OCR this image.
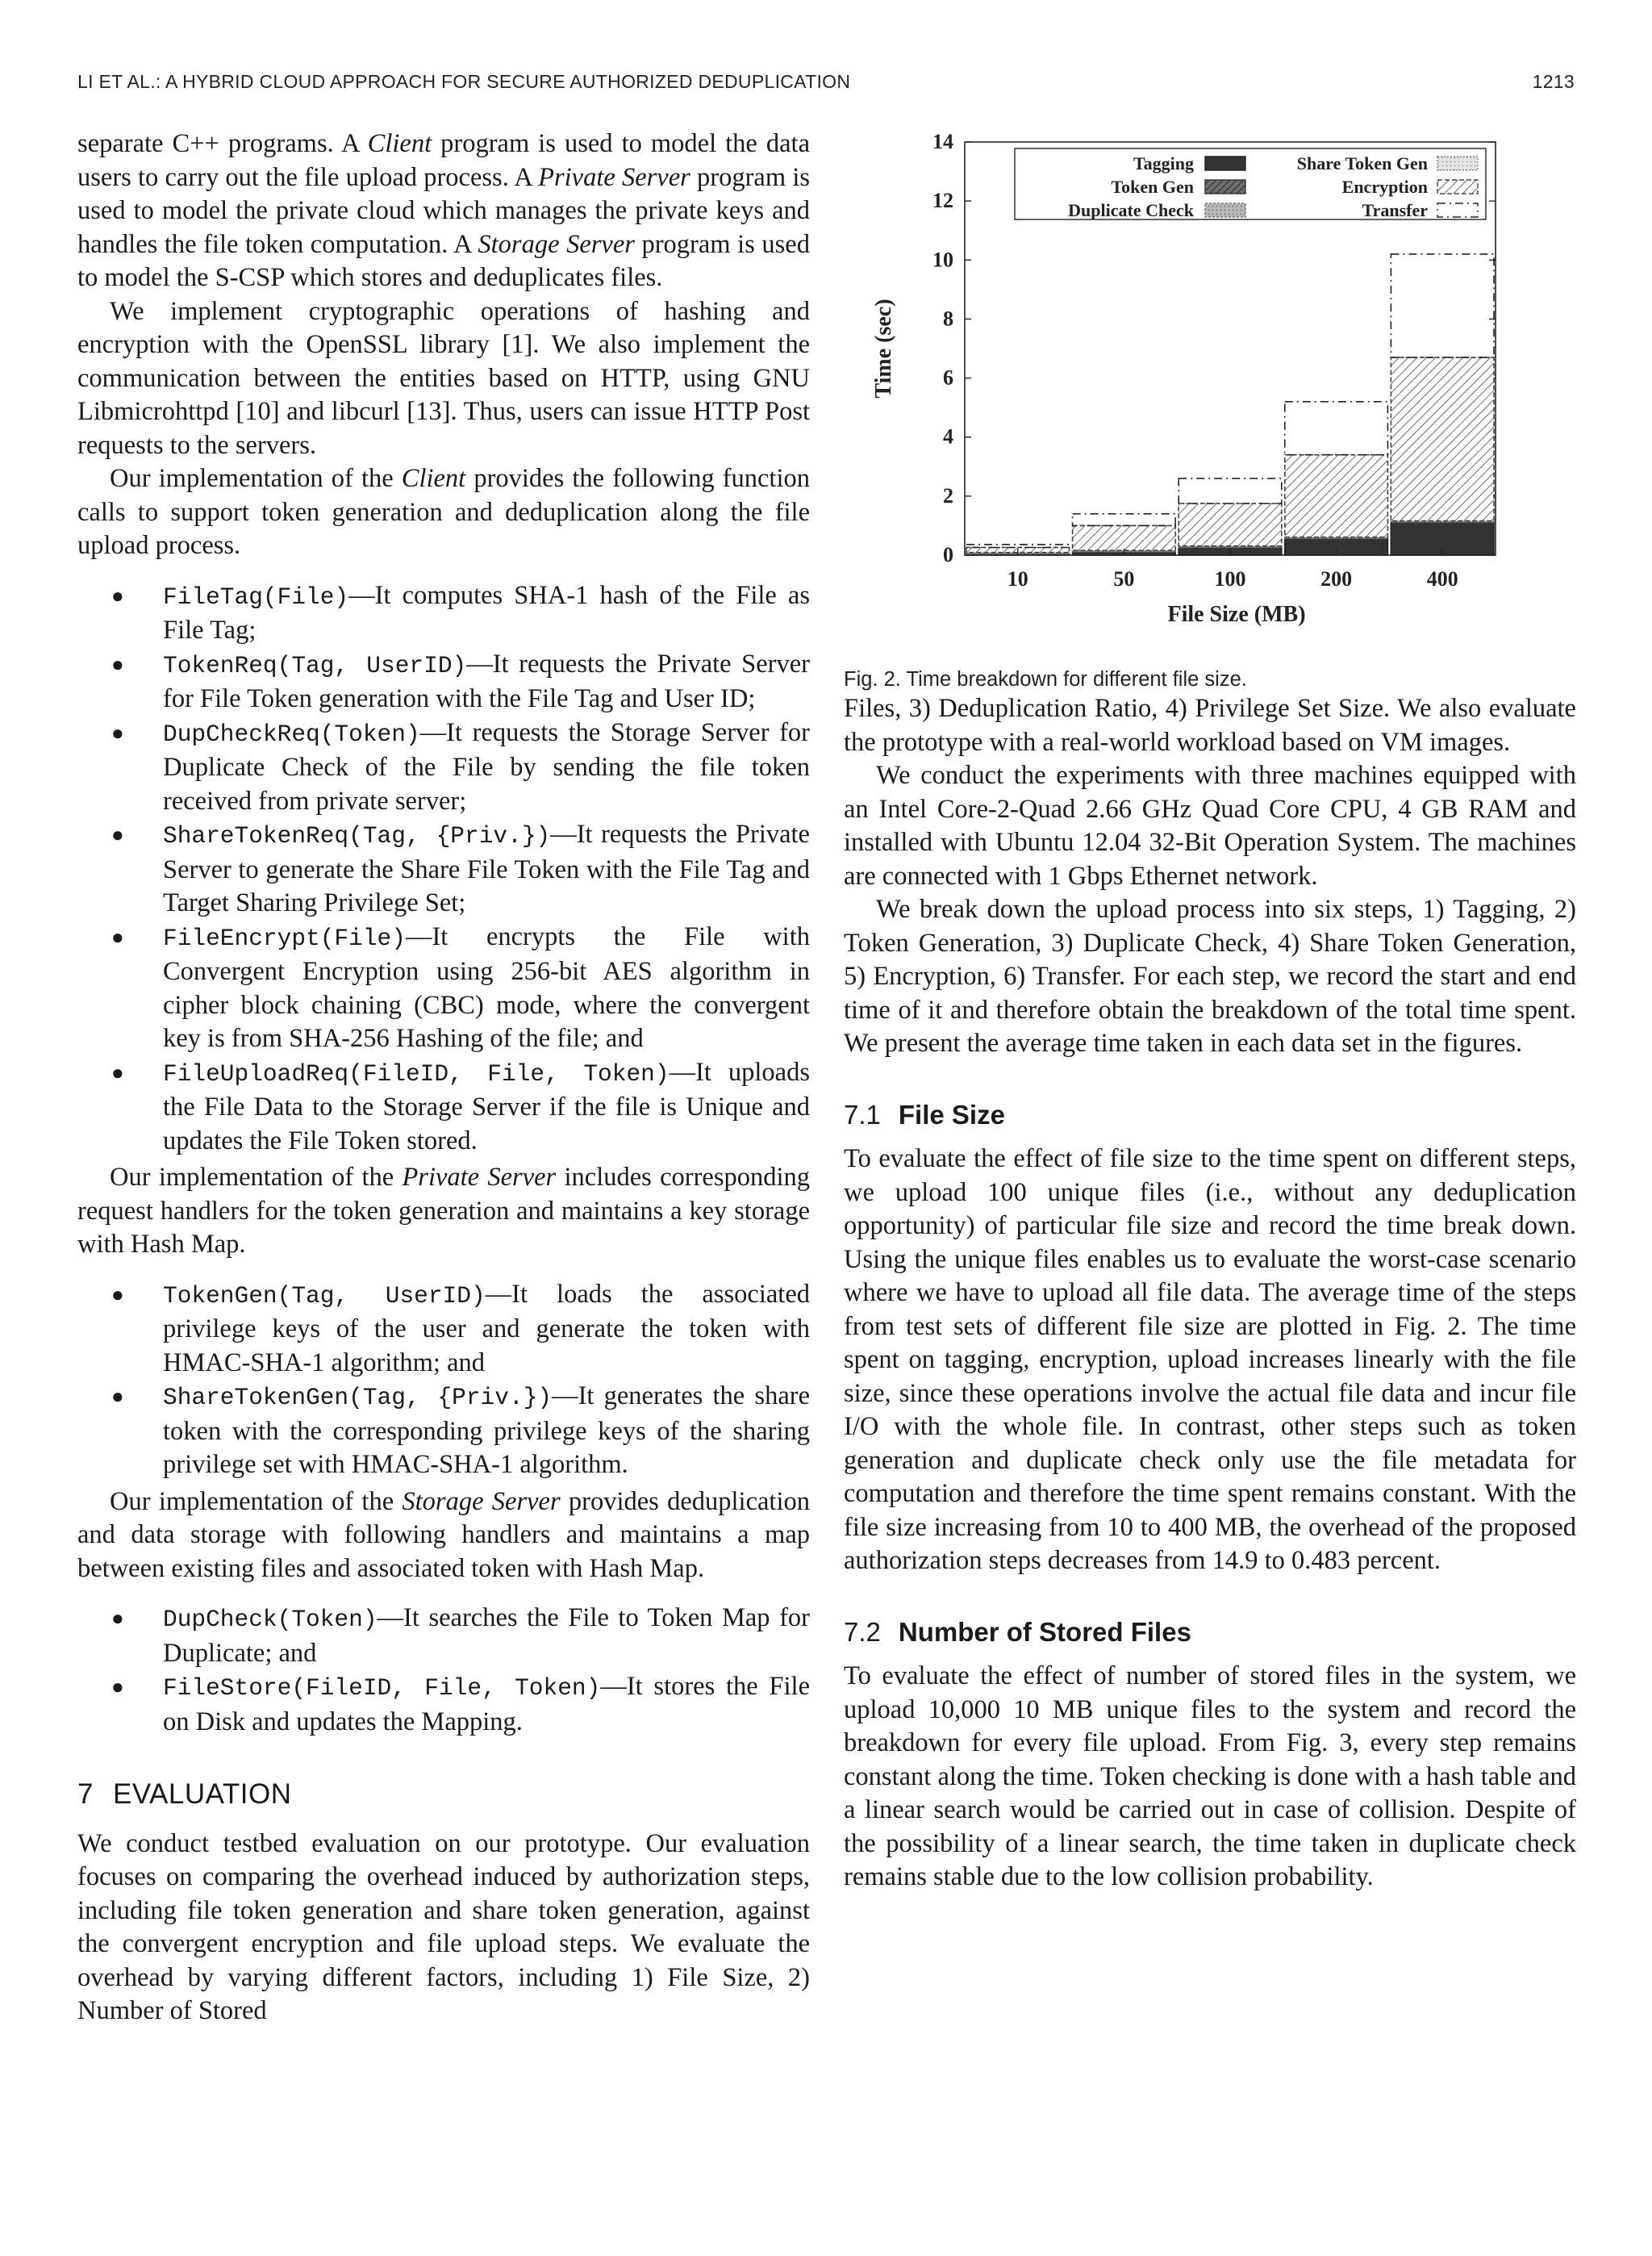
LI ET AL.: A HYBRID CLOUD APPROACH FOR SECURE AUTHORIZED DEDUPLICATION	1213

separate C++ programs. A Client program is used to model the data users to carry out the file upload process. A Private Server program is used to model the private cloud which manages the private keys and handles the file token computation. A Storage Server program is used to model the S-CSP which stores and deduplicates files.

We implement cryptographic operations of hashing and encryption with the OpenSSL library [1]. We also implement the communication between the entities based on HTTP, using GNU Libmicrohttpd [10] and libcurl [13]. Thus, users can issue HTTP Post requests to the servers.

Our implementation of the Client provides the following function calls to support token generation and deduplication along the file upload process.

● FileTag(File)—It computes SHA-1 hash of the File as File Tag;
● TokenReq(Tag, UserID)—It requests the Private Server for File Token generation with the File Tag and User ID;
● DupCheckReq(Token)—It requests the Storage Server for Duplicate Check of the File by sending the file token received from private server;
● ShareTokenReq(Tag, {Priv.})—It requests the Private Server to generate the Share File Token with the File Tag and Target Sharing Privilege Set;
● FileEncrypt(File)—It encrypts the File with Convergent Encryption using 256-bit AES algorithm in cipher block chaining (CBC) mode, where the convergent key is from SHA-256 Hashing of the file; and
● FileUploadReq(FileID, File, Token)—It uploads the File Data to the Storage Server if the file is Unique and updates the File Token stored.

Our implementation of the Private Server includes corresponding request handlers for the token generation and maintains a key storage with Hash Map.

● TokenGen(Tag, UserID)—It loads the associated privilege keys of the user and generate the token with HMAC-SHA-1 algorithm; and
● ShareTokenGen(Tag, {Priv.})—It generates the share token with the corresponding privilege keys of the sharing privilege set with HMAC-SHA-1 algorithm.

Our implementation of the Storage Server provides deduplication and data storage with following handlers and maintains a map between existing files and associated token with Hash Map.

● DupCheck(Token)—It searches the File to Token Map for Duplicate; and
● FileStore(FileID, File, Token)—It stores the File on Disk and updates the Mapping.
7 EVALUATION

We conduct testbed evaluation on our prototype. Our evaluation focuses on comparing the overhead induced by authorization steps, including file token generation and share token generation, against the convergent encryption and file upload steps. We evaluate the overhead by varying different factors, including 1) File Size, 2) Number of Stored

0
2
4
6
8
10
12
14
Time (sec)
10	50	100	200	400
File Size (MB)
Tagging
Token Gen
Duplicate Check
Share Token Gen
Encryption
Transfer
Fig. 2. Time breakdown for different file size.

Files, 3) Deduplication Ratio, 4) Privilege Set Size. We also evaluate the prototype with a real-world workload based on VM images.

We conduct the experiments with three machines equipped with an Intel Core-2-Quad 2.66 GHz Quad Core CPU, 4 GB RAM and installed with Ubuntu 12.04 32-Bit Operation System. The machines are connected with 1 Gbps Ethernet network.

We break down the upload process into six steps, 1) Tagging, 2) Token Generation, 3) Duplicate Check, 4) Share Token Generation, 5) Encryption, 6) Transfer. For each step, we record the start and end time of it and therefore obtain the breakdown of the total time spent. We present the average time taken in each data set in the figures.

7.1 File Size

To evaluate the effect of file size to the time spent on different steps, we upload 100 unique files (i.e., without any deduplication opportunity) of particular file size and record the time break down. Using the unique files enables us to evaluate the worst-case scenario where we have to upload all file data. The average time of the steps from test sets of different file size are plotted in Fig. 2. The time spent on tagging, encryption, upload increases linearly with the file size, since these operations involve the actual file data and incur file I/O with the whole file. In contrast, other steps such as token generation and duplicate check only use the file metadata for computation and therefore the time spent remains constant. With the file size increasing from 10 to 400 MB, the overhead of the proposed authorization steps decreases from 14.9 to 0.483 percent.

7.2 Number of Stored Files

To evaluate the effect of number of stored files in the system, we upload 10,000 10 MB unique files to the system and record the breakdown for every file upload. From Fig. 3, every step remains constant along the time. Token checking is done with a hash table and a linear search would be carried out in case of collision. Despite of the possibility of a linear search, the time taken in duplicate check remains stable due to the low collision probability.
